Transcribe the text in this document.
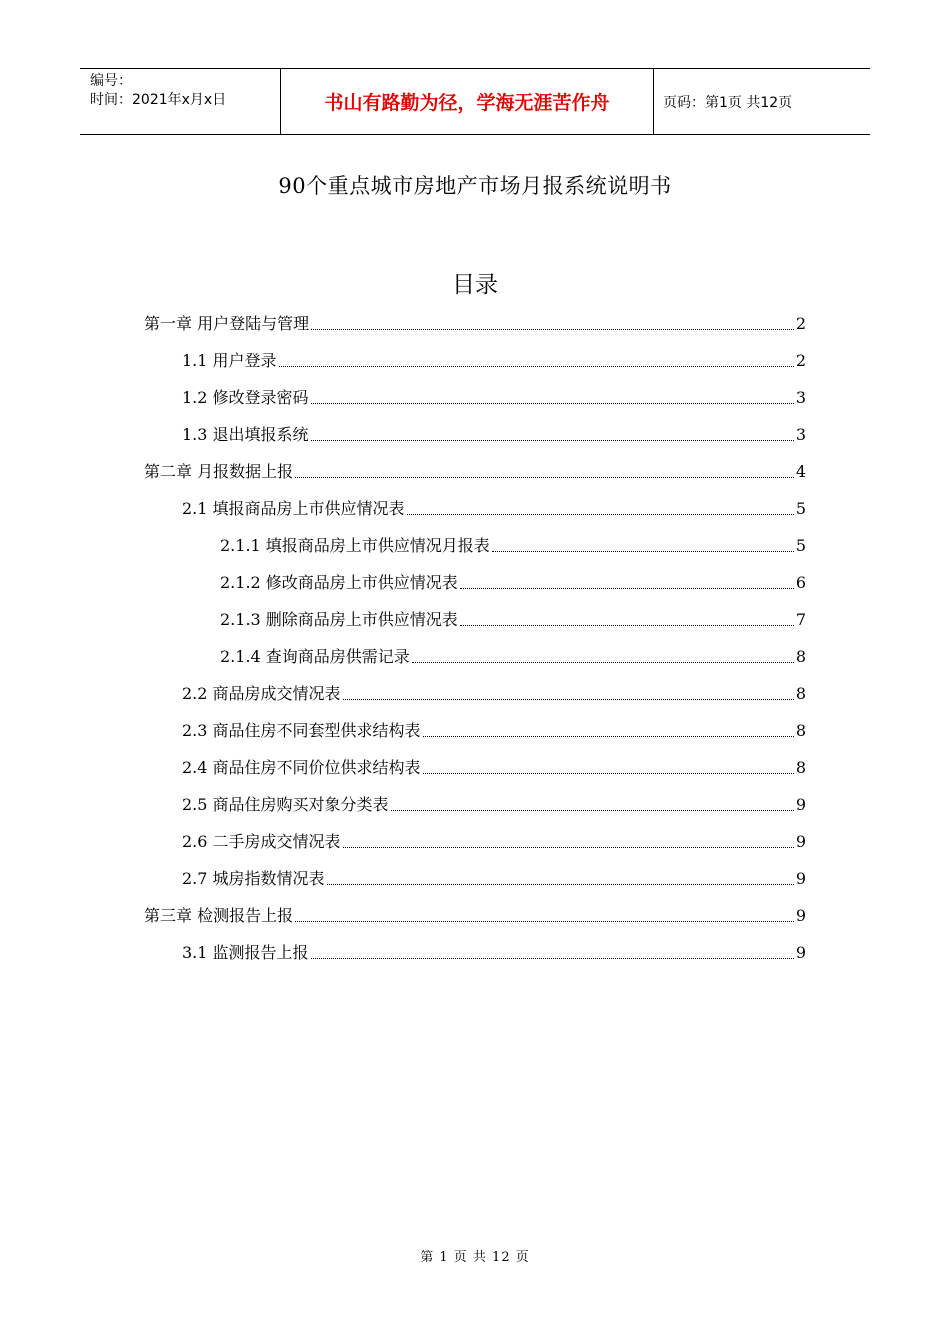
编号：
时间：2021年x月x日	书山有路勤为径，学海无涯苦作舟	页码：第1页 共12页
90个重点城市房地产市场月报系统说明书
目录
第一章 用户登陆与管理	2
1.1 用户登录	2
1.2 修改登录密码	3
1.3 退出填报系统	3
第二章 月报数据上报	4
2.1 填报商品房上市供应情况表	5
2.1.1 填报商品房上市供应情况月报表	5
2.1.2 修改商品房上市供应情况表	6
2.1.3 删除商品房上市供应情况表	7
2.1.4 查询商品房供需记录	8
2.2 商品房成交情况表	8
2.3 商品住房不同套型供求结构表	8
2.4 商品住房不同价位供求结构表	8
2.5 商品住房购买对象分类表	9
2.6 二手房成交情况表	9
2.7 城房指数情况表	9
第三章 检测报告上报	9
3.1 监测报告上报	9
第 1 页 共 12 页
